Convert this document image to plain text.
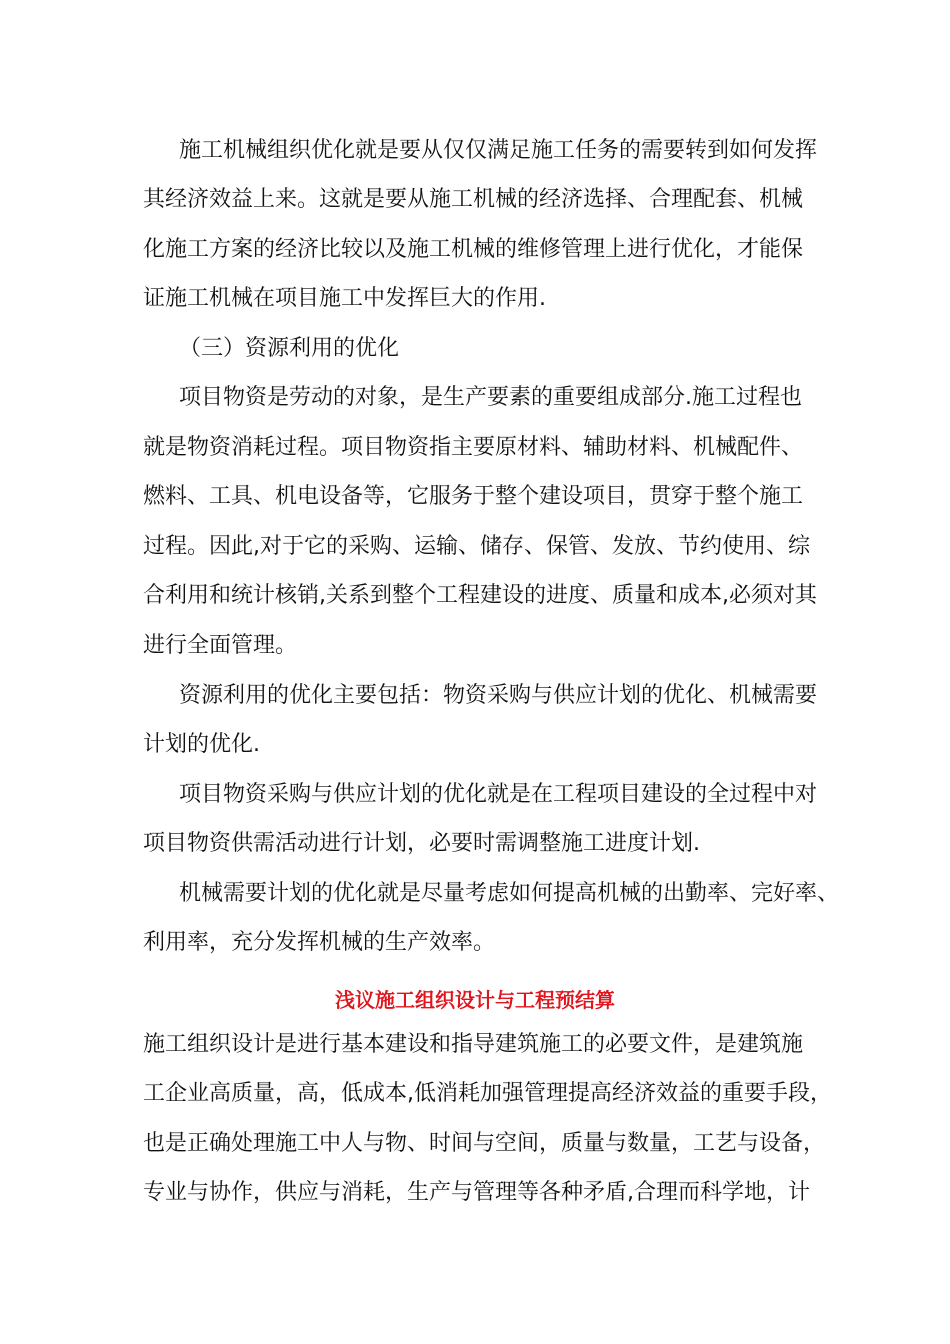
施工机械组织优化就是要从仅仅满足施工任务的需要转到如何发挥

其经济效益上来。这就是要从施工机械的经济选择、合理配套、机械

化施工方案的经济比较以及施工机械的维修管理上进行优化，才能保

证施工机械在项目施工中发挥巨大的作用.

（三）资源利用的优化

项目物资是劳动的对象，是生产要素的重要组成部分.施工过程也

就是物资消耗过程。项目物资指主要原材料、辅助材料、机械配件、

燃料、工具、机电设备等，它服务于整个建设项目，贯穿于整个施工

过程。因此,对于它的采购、运输、储存、保管、发放、节约使用、综

合利用和统计核销,关系到整个工程建设的进度、质量和成本,必须对其

进行全面管理。

资源利用的优化主要包括：物资采购与供应计划的优化、机械需要

计划的优化.

项目物资采购与供应计划的优化就是在工程项目建设的全过程中对

项目物资供需活动进行计划，必要时需调整施工进度计划.

机械需要计划的优化就是尽量考虑如何提高机械的出勤率、完好率、

利用率，充分发挥机械的生产效率。

浅议施工组织设计与工程预结算

施工组织设计是进行基本建设和指导建筑施工的必要文件，是建筑施

工企业高质量，高，低成本,低消耗加强管理提高经济效益的重要手段，

也是正确处理施工中人与物、时间与空间，质量与数量，工艺与设备，

专业与协作，供应与消耗，生产与管理等各种矛盾,合理而科学地，计
